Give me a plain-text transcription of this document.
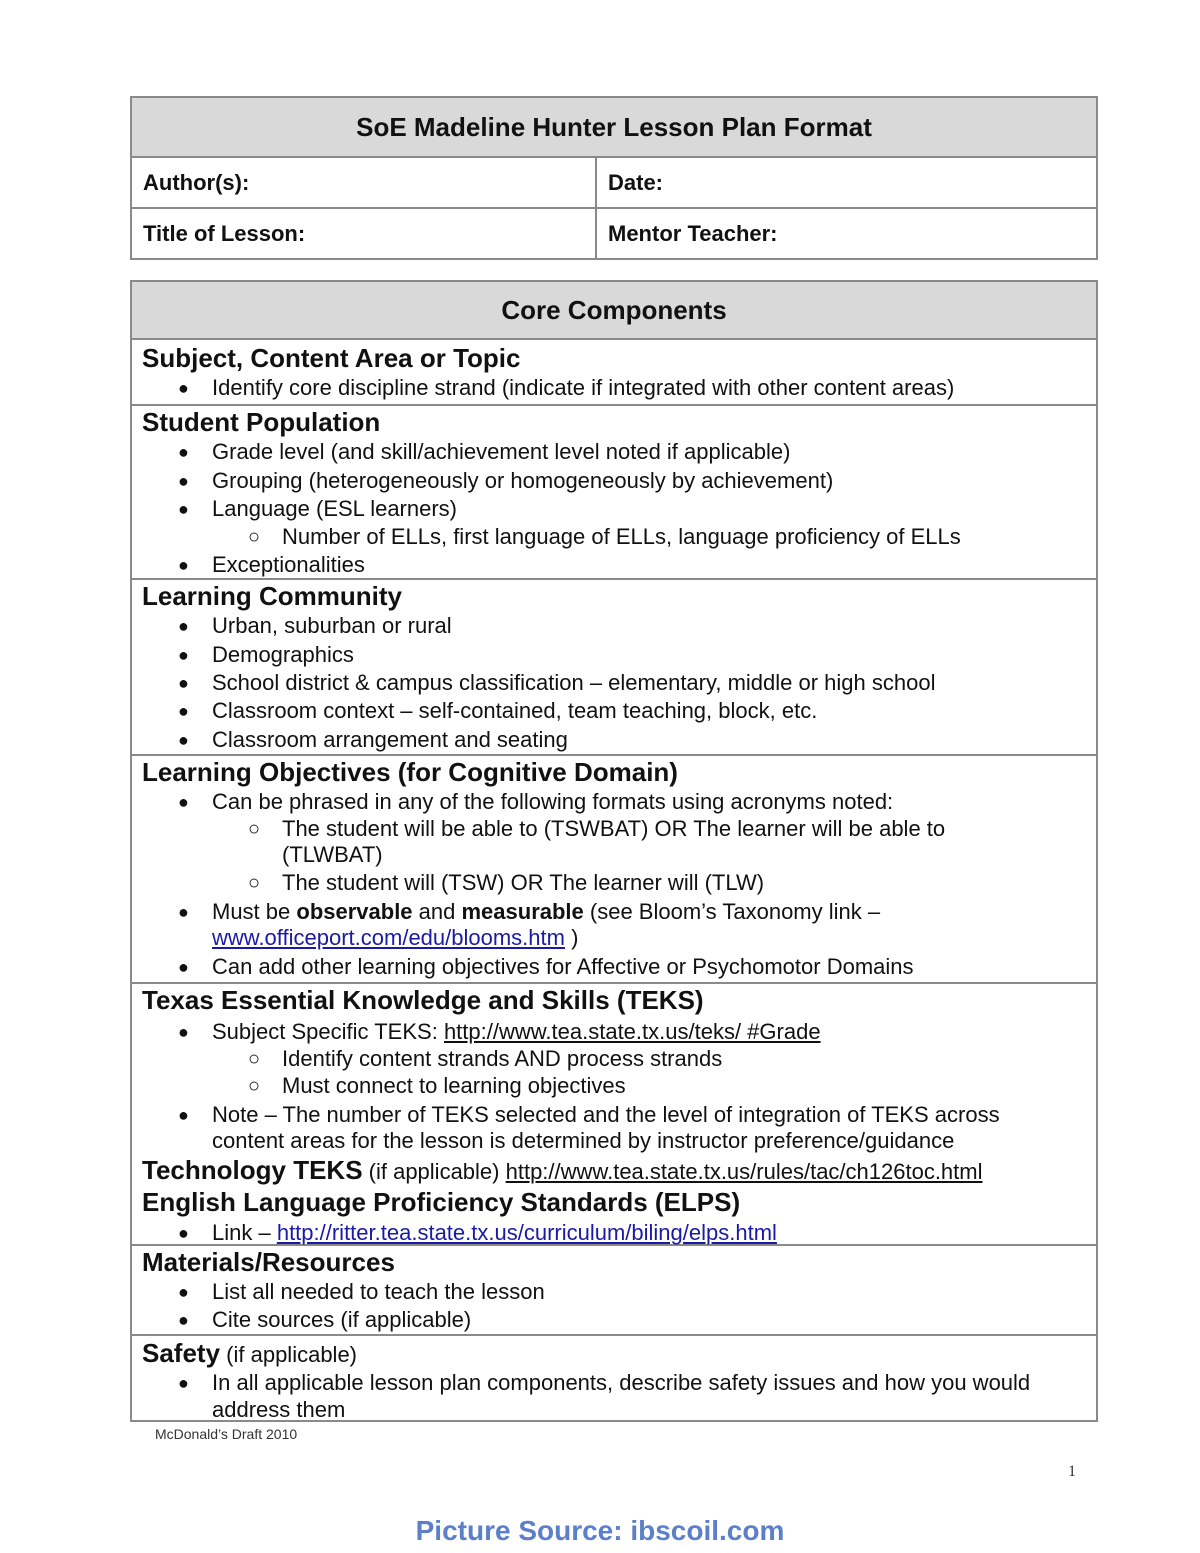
SoE Madeline Hunter Lesson Plan Format
Author(s):	Date:
Title of Lesson:	Mentor Teacher:
Core Components
Subject, Content Area or Topic
● Identify core discipline strand (indicate if integrated with other content areas)
Student Population
● Grade level (and skill/achievement level noted if applicable)
● Grouping (heterogeneously or homogeneously by achievement)
● Language (ESL learners)
○ Number of ELLs, first language of ELLs, language proficiency of ELLs
● Exceptionalities
Learning Community
● Urban, suburban or rural
● Demographics
● School district & campus classification – elementary, middle or high school
● Classroom context – self-contained, team teaching, block, etc.
● Classroom arrangement and seating
Learning Objectives (for Cognitive Domain)
● Can be phrased in any of the following formats using acronyms noted:
○ The student will be able to (TSWBAT) OR The learner will be able to
(TLWBAT)
○ The student will (TSW) OR The learner will (TLW)
● Must be observable and measurable (see Bloom’s Taxonomy link –
www.officeport.com/edu/blooms.htm )
● Can add other learning objectives for Affective or Psychomotor Domains
Texas Essential Knowledge and Skills (TEKS)
● Subject Specific TEKS: http://www.tea.state.tx.us/teks/ #Grade
○ Identify content strands AND process strands
○ Must connect to learning objectives
● Note – The number of TEKS selected and the level of integration of TEKS across
content areas for the lesson is determined by instructor preference/guidance
Technology TEKS (if applicable) http://www.tea.state.tx.us/rules/tac/ch126toc.html
English Language Proficiency Standards (ELPS)
● Link – http://ritter.tea.state.tx.us/curriculum/biling/elps.html
Materials/Resources
● List all needed to teach the lesson
● Cite sources (if applicable)
Safety (if applicable)
● In all applicable lesson plan components, describe safety issues and how you would
address them
McDonald’s Draft 2010
1
Picture Source: ibscoil.com
